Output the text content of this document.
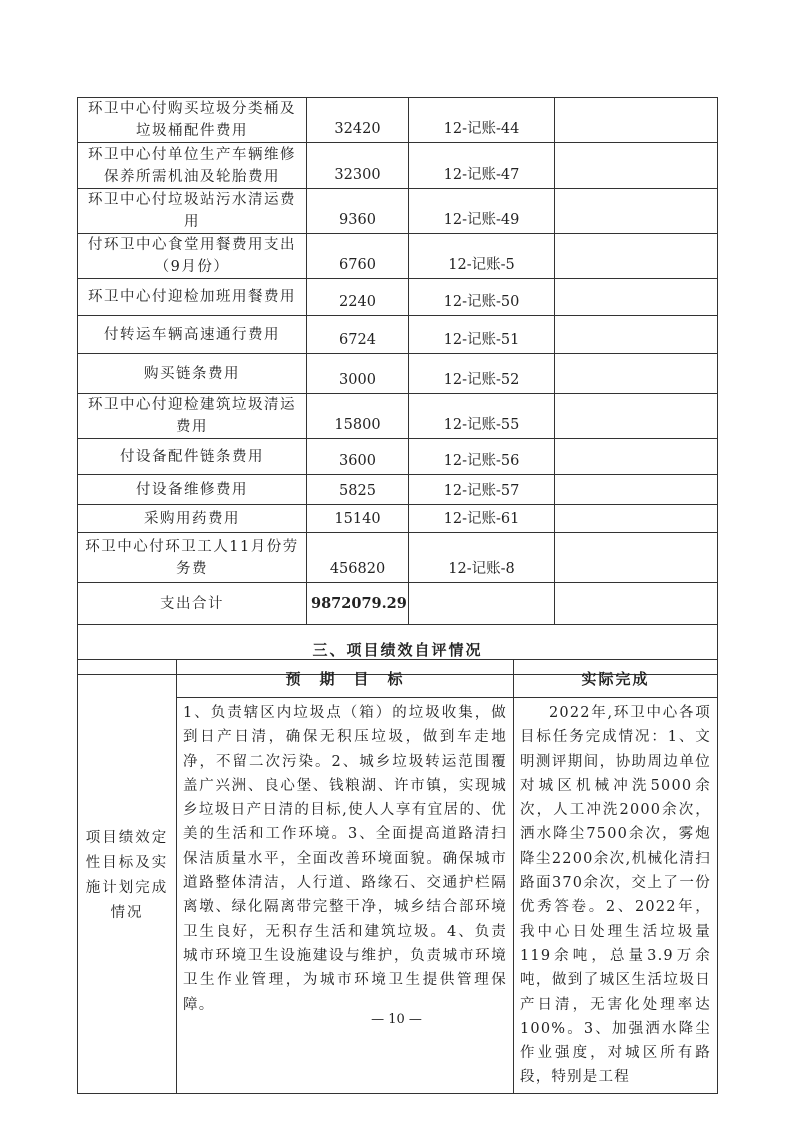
环卫中心付购买垃圾分类桶及垃圾桶配件费用	32420	12-记账-44	
环卫中心付单位生产车辆维修保养所需机油及轮胎费用	32300	12-记账-47	
环卫中心付垃圾站污水清运费用	9360	12-记账-49	
付环卫中心食堂用餐费用支出（9月份）	6760	12-记账-5	
环卫中心付迎检加班用餐费用	2240	12-记账-50	
付转运车辆高速通行费用	6724	12-记账-51	
购买链条费用	3000	12-记账-52	
环卫中心付迎检建筑垃圾清运费用	15800	12-记账-55	
付设备配件链条费用	3600	12-记账-56	
付设备维修费用	5825	12-记账-57	
采购用药费用	15140	12-记账-61	
环卫中心付环卫工人11月份劳务费	456820	12-记账-8	
支出合计	9872079.29		
三、项目绩效自评情况			
项目绩效定性目标及实施计划完成情况	预　期　目　标	实际完成
	1、负责辖区内垃圾点（箱）的垃圾收集，做到日产日清，确保无积压垃圾，做到车走地净，不留二次污染。2、城乡垃圾转运范围覆盖广兴洲、良心堡、钱粮湖、许市镇，实现城乡垃圾日产日清的目标,使人人享有宜居的、优美的生活和工作环境。3、全面提高道路清扫保洁质量水平，全面改善环境面貌。确保城市道路整体清洁，人行道、路缘石、交通护栏隔离墩、绿化隔离带完整干净，城乡结合部环境卫生良好，无积存生活和建筑垃圾。4、负责城市环境卫生设施建设与维护，负责城市环境卫生作业管理，为城市环境卫生提供管理保障。	2022年,环卫中心各项目标任务完成情况：1、文明测评期间，协助周边单位对城区机械冲洗5000余次，人工冲洗2000余次，洒水降尘7500余次，雾炮降尘2200余次,机械化清扫路面370余次，交上了一份优秀答卷。2、2022年，我中心日处理生活垃圾量119余吨，总量3.9万余吨，做到了城区生活垃圾日产日清，无害化处理率达100%。3、加强洒水降尘作业强度，对城区所有路段，特别是工程
— 10 —
